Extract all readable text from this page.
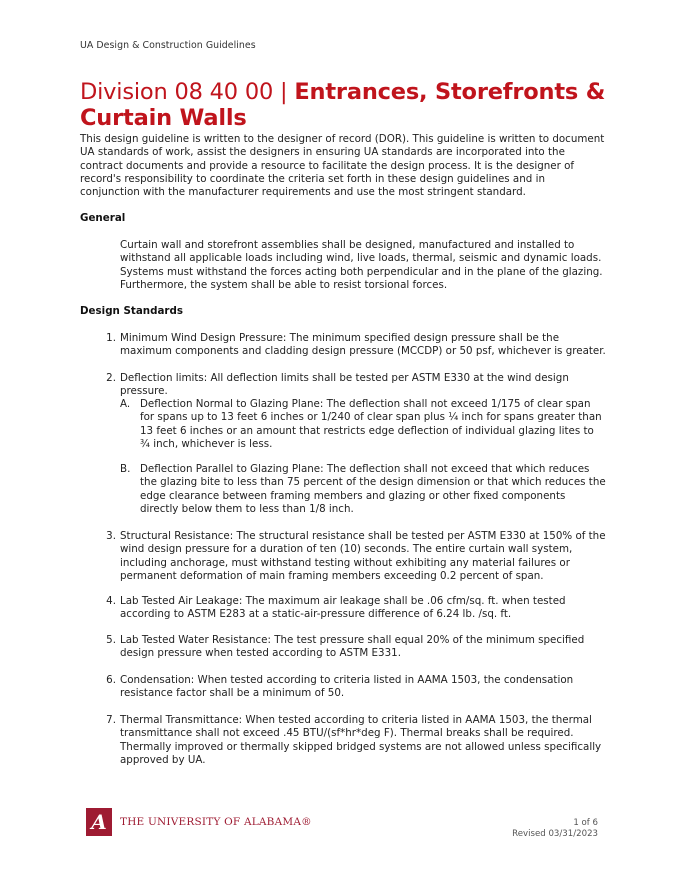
UA Design & Construction Guidelines
Division 08 40 00 | Entrances, Storefronts & Curtain Walls
This design guideline is written to the designer of record (DOR). This guideline is written to document UA standards of work, assist the designers in ensuring UA standards are incorporated into the contract documents and provide a resource to facilitate the design process. It is the designer of record's responsibility to coordinate the criteria set forth in these design guidelines and in conjunction with the manufacturer requirements and use the most stringent standard.
General
Curtain wall and storefront assemblies shall be designed, manufactured and installed to withstand all applicable loads including wind, live loads, thermal, seismic and dynamic loads. Systems must withstand the forces acting both perpendicular and in the plane of the glazing. Furthermore, the system shall be able to resist torsional forces.
Design Standards
1. Minimum Wind Design Pressure: The minimum specified design pressure shall be the maximum components and cladding design pressure (MCCDP) or 50 psf, whichever is greater.
2. Deflection limits: All deflection limits shall be tested per ASTM E330 at the wind design pressure.
A. Deflection Normal to Glazing Plane: The deflection shall not exceed 1/175 of clear span for spans up to 13 feet 6 inches or 1/240 of clear span plus ¼ inch for spans greater than 13 feet 6 inches or an amount that restricts edge deflection of individual glazing lites to ¾ inch, whichever is less.
B. Deflection Parallel to Glazing Plane: The deflection shall not exceed that which reduces the glazing bite to less than 75 percent of the design dimension or that which reduces the edge clearance between framing members and glazing or other fixed components directly below them to less than 1/8 inch.
3. Structural Resistance: The structural resistance shall be tested per ASTM E330 at 150% of the wind design pressure for a duration of ten (10) seconds. The entire curtain wall system, including anchorage, must withstand testing without exhibiting any material failures or permanent deformation of main framing members exceeding 0.2 percent of span.
4. Lab Tested Air Leakage: The maximum air leakage shall be .06 cfm/sq. ft. when tested according to ASTM E283 at a static-air-pressure difference of 6.24 lb. /sq. ft.
5. Lab Tested Water Resistance: The test pressure shall equal 20% of the minimum specified design pressure when tested according to ASTM E331.
6. Condensation: When tested according to criteria listed in AAMA 1503, the condensation resistance factor shall be a minimum of 50.
7. Thermal Transmittance: When tested according to criteria listed in AAMA 1503, the thermal transmittance shall not exceed .45 BTU/(sf*hr*deg F). Thermal breaks shall be required. Thermally improved or thermally skipped bridged systems are not allowed unless specifically approved by UA.
A THE UNIVERSITY OF ALABAMA®	1 of 6
Revised 03/31/2023
